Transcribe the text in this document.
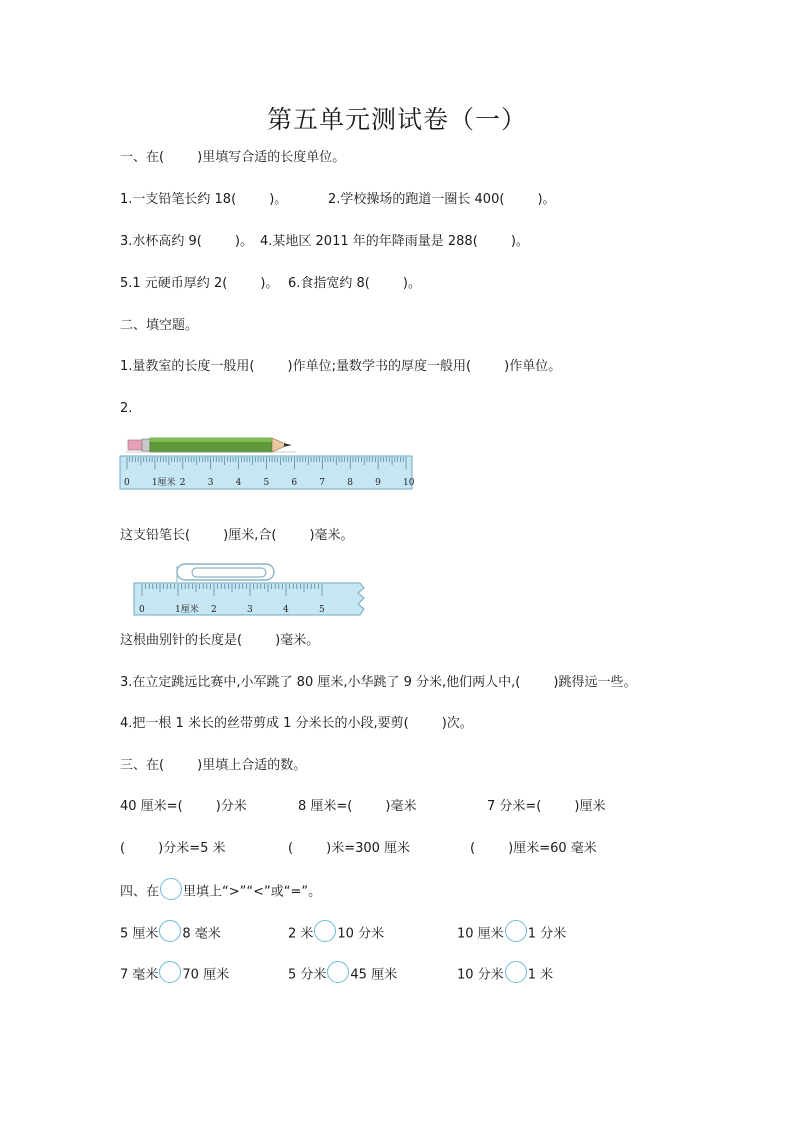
第五单元测试卷（一）
一、在(        )里填写合适的长度单位。
1.一支铅笔长约 18(        )。	2.学校操场的跑道一圈长 400(        )。
3.水杯高约 9(        )。 4.某地区 2011 年的年降雨量是 288(        )。
5.1 元硬币厚约 2(        )。 6.食指宽约 8(        )。
二、填空题。
1.量教室的长度一般用(        )作单位;量数学书的厚度一般用(        )作单位。
2.
0 1厘米 2 3 4 5 6 7 8 9 10
这支铅笔长(        )厘米,合(        )毫米。
0	1厘米 2	3	4	5
这根曲别针的长度是(        )毫米。
3.在立定跳远比赛中,小军跳了 80 厘米,小华跳了 9 分米,他们两人中,(        )跳得远一些。
4.把一根 1 米长的丝带剪成 1 分米长的小段,要剪(        )次。
三、在(        )里填上合适的数。
40 厘米=(        )分米	8 厘米=(        )毫米	7 分米=(        )厘米
(        )分米=5 米	(        )米=300 厘米	(        )厘米=60 毫米
四、在 里填上“>”“<”或“=”。
5 厘米 8 毫米	2 米 10 分米	10 厘米 1 分米
7 毫米 70 厘米	5 分米 45 厘米	10 分米 1 米
